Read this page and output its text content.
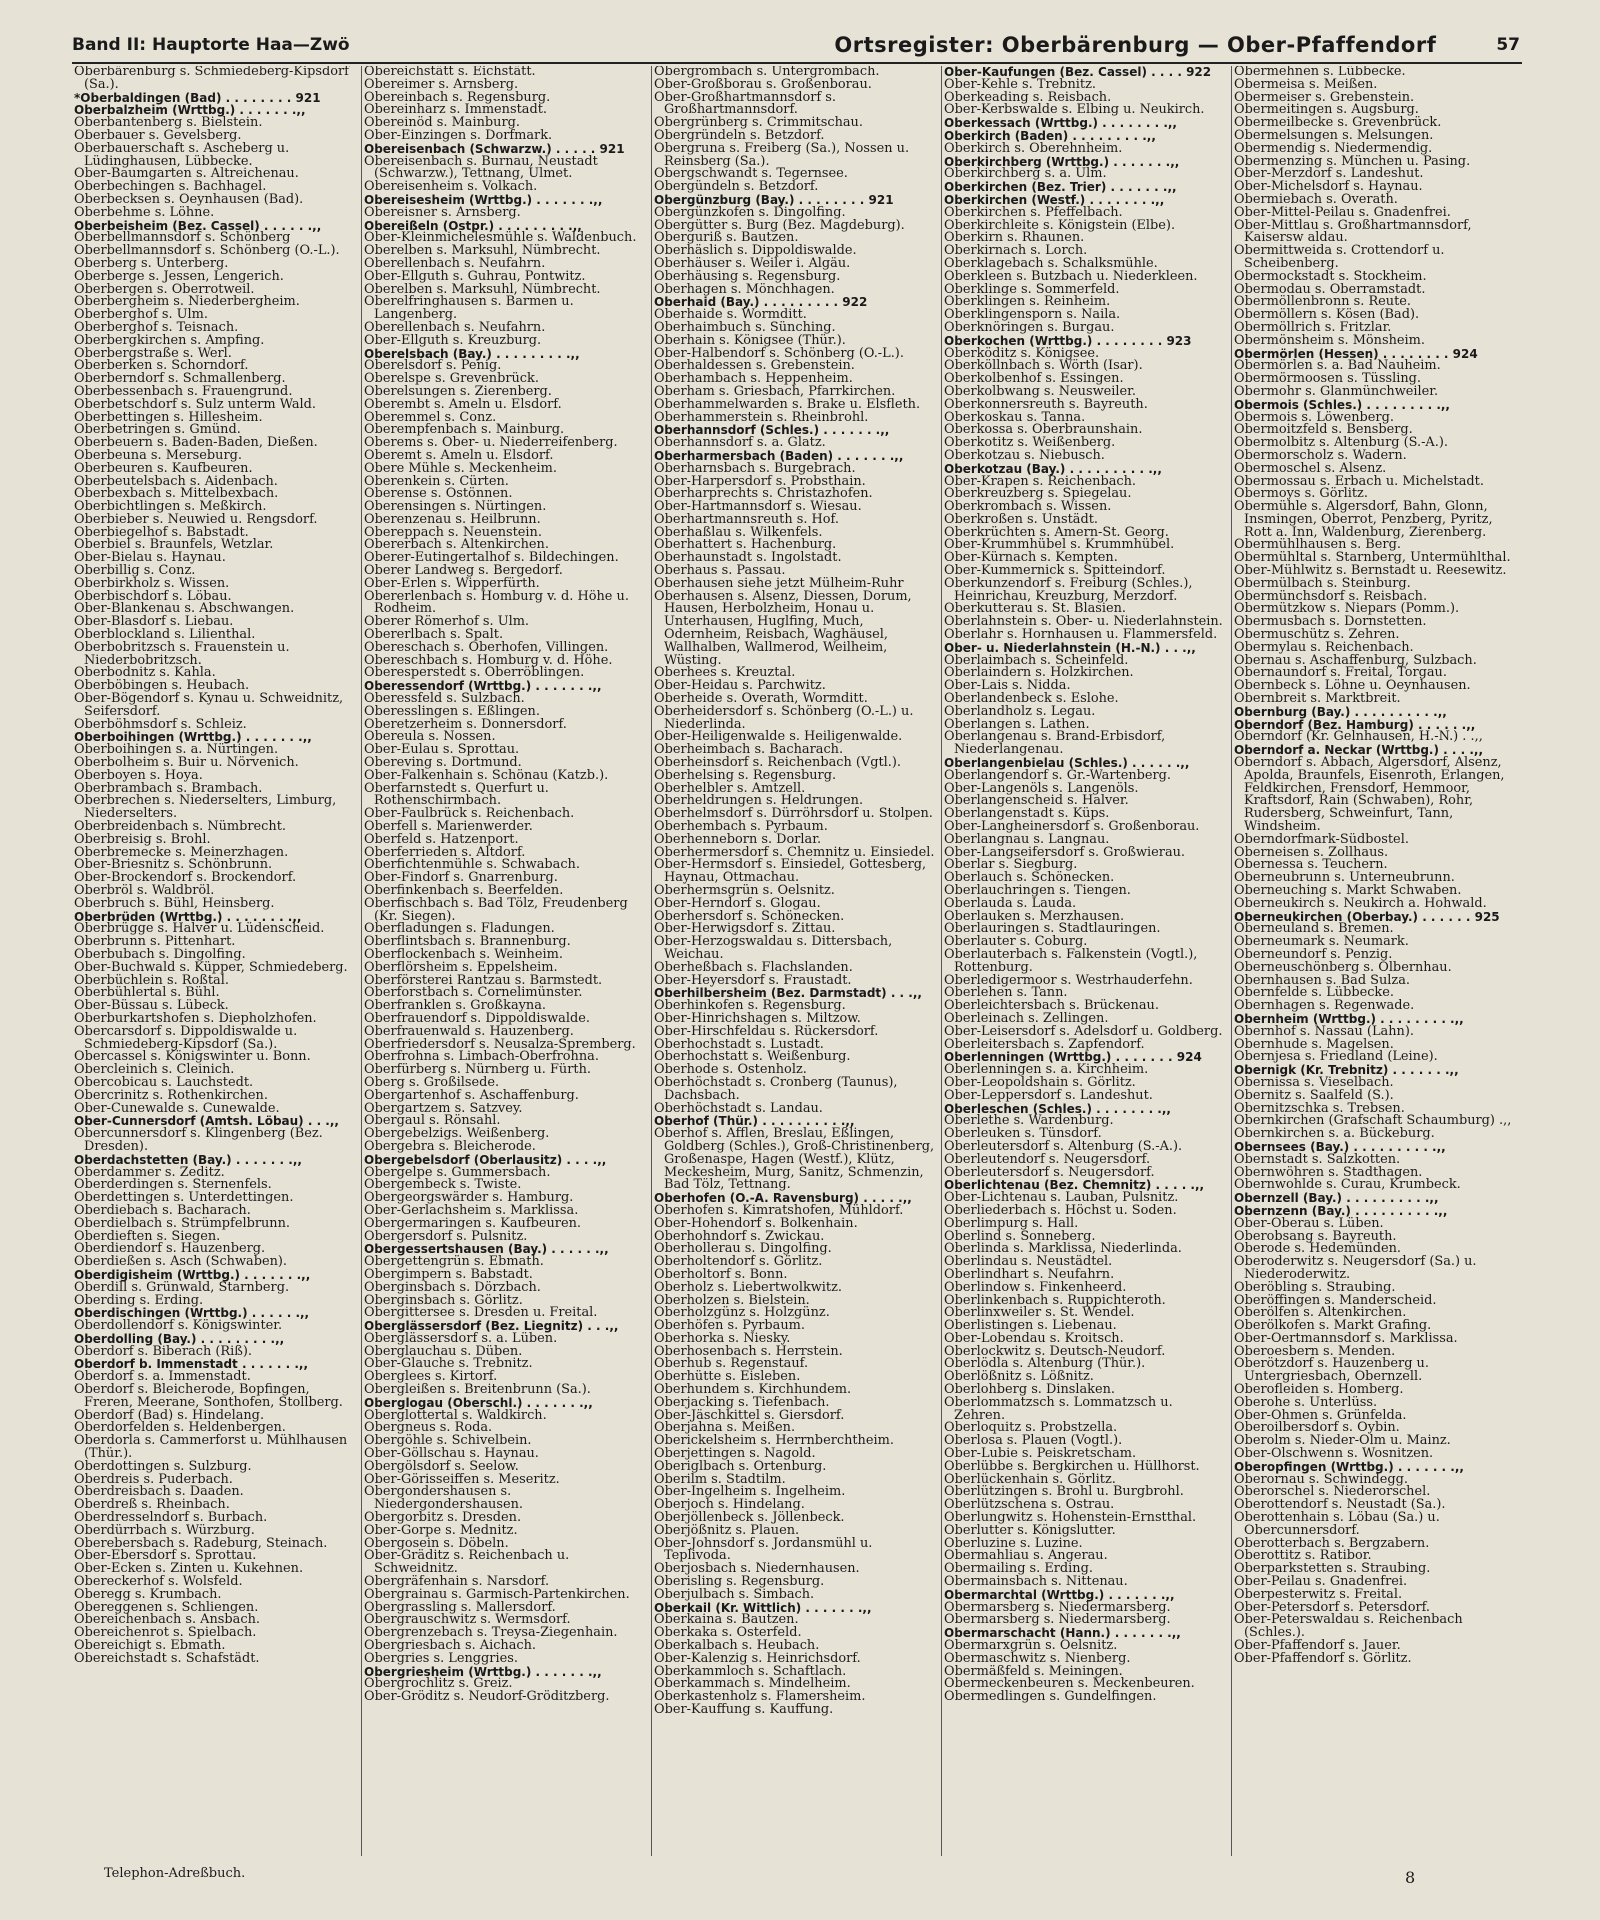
Band II: Hauptorte Haa—Zwö	Ortsregister: Oberbärenburg — Ober-Pfaffendorf	57

Oberbärenburg s. Schmiedeberg-Kipsdorf (Sa.).

*Oberbaldingen (Bad) . . . . . . . . 921

Oberbalzheim (Wrttbg.) . . . . . . .,,

Oberbantenberg s. Bielstein.

Oberbauer s. Gevelsberg.

Oberbauerschaft s. Ascheberg u. Lüdinghausen, Lübbecke.

Ober-Baumgarten s. Altreichenau.

Oberbechingen s. Bachhagel.

Oberbecksen s. Oeynhausen (Bad).

Oberbehme s. Löhne.

Oberbeisheim (Bez. Cassel) . . . . . .,,

Oberbellmannsdorf s. Schönberg

Oberbellmannsdorf s. Schönberg (O.-L.).

Oberberg s. Unterberg.

Oberberge s. Jessen, Lengerich.

Oberbergen s. Oberrotweil.

Oberbergheim s. Niederbergheim.

Oberberghof s. Ulm.

Oberberghof s. Teisnach.

Oberbergkirchen s. Ampfing.

Oberbergstraße s. Werl.

Oberberken s. Schorndorf.

Oberberndorf s. Schmallenberg.

Oberbessenbach s. Frauengrund.

Oberbetschdorf s. Sulz unterm Wald.

Oberbettingen s. Hillesheim.

Oberbetringen s. Gmünd.

Oberbeuern s. Baden-Baden, Dießen.

Oberbeuna s. Merseburg.

Oberbeuren s. Kaufbeuren.

Oberbeutelsbach s. Aidenbach.

Oberbexbach s. Mittelbexbach.

Oberbichtlingen s. Meßkirch.

Oberbieber s. Neuwied u. Rengsdorf.

Oberbiegelhof s. Babstadt.

Oberbiel s. Braunfels, Wetzlar.

Ober-Bielau s. Haynau.

Oberbillig s. Conz.

Oberbirkholz s. Wissen.

Oberbischdorf s. Löbau.

Ober-Blankenau s. Abschwangen.

Ober-Blasdorf s. Liebau.

Oberblockland s. Lilienthal.

Oberbobritzsch s. Frauenstein u. Niederbobritzsch.

Oberbodnitz s. Kahla.

Oberböbingen s. Heubach.

Ober-Bögendorf s. Kynau u. Schweidnitz, Seifersdorf.

Oberböhmsdorf s. Schleiz.

Oberboihingen (Wrttbg.) . . . . . . .,,

Oberboihingen s. a. Nürtingen.

Oberbolheim s. Buir u. Nörvenich.

Oberboyen s. Hoya.

Oberbrambach s. Brambach.

Oberbrechen s. Niederselters, Limburg, Niederselters.

Oberbreidenbach s. Nümbrecht.

Oberbreisig s. Brohl.

Oberbremecke s. Meinerzhagen.

Ober-Briesnitz s. Schönbrunn.

Ober-Brockendorf s. Brockendorf.

Oberbröl s. Waldbröl.

Oberbruch s. Bühl, Heinsberg.

Oberbrüden (Wrttbg.) . . . . . . . .,,

Oberbrügge s. Halver u. Lüdenscheid.

Oberbrunn s. Pittenhart.

Oberbubach s. Dingolfing.

Ober-Buchwald s. Küpper, Schmiedeberg.

Oberbüchlein s. Roßtal.

Oberbühlertal s. Bühl.

Ober-Büssau s. Lübeck.

Oberburkartshofen s. Diepholzhofen.

Obercarsdorf s. Dippoldiswalde u. Schmiedeberg-Kipsdorf (Sa.).

Obercassel s. Königswinter u. Bonn.

Obercleinich s. Cleinich.

Obercobicau s. Lauchstedt.

Obercrinitz s. Rothenkirchen.

Ober-Cunewalde s. Cunewalde.

Ober-Cunnersdorf (Amtsh. Löbau) . . .,,

Obercunnersdorf s. Klingenberg (Bez. Dresden).

Oberdachstetten (Bay.) . . . . . . .,,

Oberdammer s. Zeditz.

Oberderdingen s. Sternenfels.

Oberdettingen s. Unterdettingen.

Oberdiebach s. Bacharach.

Oberdielbach s. Strümpfelbrunn.

Oberdieften s. Siegen.

Oberdiendorf s. Hauzenberg.

Oberdießen s. Asch (Schwaben).

Oberdigisheim (Wrttbg.) . . . . . . .,,

Oberdill s. Grünwald, Starnberg.

Oberding s. Erding.

Oberdischingen (Wrttbg.) . . . . . .,,

Oberdollendorf s. Königswinter.

Oberdolling (Bay.) . . . . . . . . .,,

Oberdorf s. Biberach (Riß).

Oberdorf b. Immenstadt . . . . . . .,,

Oberdorf s. a. Immenstadt.

Oberdorf s. Bleicherode, Bopfingen, Freren, Meerane, Sonthofen, Stollberg.

Oberdorf (Bad) s. Hindelang.

Oberdorfelden s. Heldenbergen.

Oberdorla s. Cammerforst u. Mühlhausen (Thür.).

Oberdottingen s. Sulzburg.

Oberdreis s. Puderbach.

Oberdreisbach s. Daaden.

Oberdreß s. Rheinbach.

Oberdresselndorf s. Burbach.

Oberdürrbach s. Würzburg.

Oberebersbach s. Radeburg, Steinach.

Ober-Ebersdorf s. Sprottau.

Ober-Ecken s. Zinten u. Kukehnen.

Obereckerhof s. Wolsfeld.

Oberegg s. Krumbach.

Obereggenen s. Schliengen.

Obereichenbach s. Ansbach.

Obereichenrot s. Spielbach.

Obereichigt s. Ebmath.

Obereichstadt s. Schafstädt.

Obereichstätt s. Eichstätt.

Obereimer s. Arnsberg.

Obereinbach s. Regensburg.

Obereinharz s. Immenstadt.

Obereinöd s. Mainburg.

Ober-Einzingen s. Dorfmark.

Obereisenbach (Schwarzw.) . . . . . 921

Obereisenbach s. Burnau, Neustadt (Schwarzw.), Tettnang, Ulmet.

Obereisenheim s. Volkach.

Obereisesheim (Wrttbg.) . . . . . . .,,

Obereisner s. Arnsberg.

Obereißeln (Ostpr.) . . . . . . . . .,,

Ober-Kleinmichelesmühle s. Waldenbuch.

Oberelben s. Marksuhl, Nümbrecht.

Oberellenbach s. Neufahrn.

Ober-Ellguth s. Guhrau, Pontwitz.

Oberelben s. Marksuhl, Nümbrecht.

Oberelfringhausen s. Barmen u. Langenberg.

Oberellenbach s. Neufahrn.

Ober-Ellguth s. Kreuzburg.

Oberelsbach (Bay.) . . . . . . . . .,,

Oberelsdorf s. Penig.

Oberelspe s. Grevenbrück.

Oberelsungen s. Zierenberg.

Oberembt s. Ameln u. Elsdorf.

Oberemmel s. Conz.

Oberempfenbach s. Mainburg.

Oberems s. Ober- u. Niederreifenberg.

Oberemt s. Ameln u. Elsdorf.

Obere Mühle s. Meckenheim.

Oberenkein s. Cürten.

Oberense s. Ostönnen.

Oberensingen s. Nürtingen.

Oberenzenau s. Heilbrunn.

Obereppach s. Neuenstein.

Obererbach s. Altenkirchen.

Oberer-Eutingertalhof s. Bildechingen.

Oberer Landweg s. Bergedorf.

Ober-Erlen s. Wipperfürth.

Obererlenbach s. Homburg v. d. Höhe u. Rodheim.

Oberer Römerhof s. Ulm.

Obererlbach s. Spalt.

Obereschach s. Oberhofen, Villingen.

Obereschbach s. Homburg v. d. Höhe.

Oberesperstedt s. Oberröblingen.

Oberessendorf (Wrttbg.) . . . . . . .,,

Oberessfeld s. Sulzbach.

Oberesslingen s. Eßlingen.

Oberetzerheim s. Donnersdorf.

Obereula s. Nossen.

Ober-Eulau s. Sprottau.

Obereving s. Dortmund.

Ober-Falkenhain s. Schönau (Katzb.).

Oberfarnstedt s. Querfurt u. Rothenschirmbach.

Ober-Faulbrück s. Reichenbach.

Oberfell s. Marienwerder.

Oberfeld s. Hatzenport.

Oberferrieden s. Altdorf.

Oberfichtenmühle s. Schwabach.

Ober-Findorf s. Gnarrenburg.

Oberfinkenbach s. Beerfelden.

Oberfischbach s. Bad Tölz, Freudenberg (Kr. Siegen).

Oberfladungen s. Fladungen.

Oberflintsbach s. Brannenburg.

Oberflockenbach s. Weinheim.

Oberflörsheim s. Eppelsheim.

Oberförsterei Rantzau s. Barmstedt.

Oberforstbach s. Cornelimünster.

Oberfranklen s. Großkayna.

Oberfrauendorf s. Dippoldiswalde.

Oberfrauenwald s. Hauzenberg.

Oberfriedersdorf s. Neusalza-Spremberg.

Oberfrohna s. Limbach-Oberfrohna.

Oberfürberg s. Nürnberg u. Fürth.

Oberg s. Großilsede.

Obergartenhof s. Aschaffenburg.

Obergartzem s. Satzvey.

Obergaul s. Rönsahl.

Obergebelzigs. Weißenberg.

Obergebra s. Bleicherode.

Obergebelsdorf (Oberlausitz) . . . .,,

Obergelpe s. Gummersbach.

Obergembeck s. Twiste.

Obergeorgswärder s. Hamburg.

Ober-Gerlachsheim s. Marklissa.

Obergermaringen s. Kaufbeuren.

Obergersdorf s. Pulsnitz.

Obergessertshausen (Bay.) . . . . . .,,

Obergettengrün s. Ebmath.

Obergimpern s. Babstadt.

Oberginsbach s. Dörzbach.

Oberginsbach s. Görlitz.

Obergittersee s. Dresden u. Freital.

Oberglässersdorf (Bez. Liegnitz) . . .,,

Oberglässersdorf s. a. Lüben.

Oberglauchau s. Düben.

Ober-Glauche s. Trebnitz.

Oberglees s. Kirtorf.

Obergleißen s. Breitenbrunn (Sa.).

Oberglogau (Oberschl.) . . . . . . .,,

Oberglottertal s. Waldkirch.

Obergneus s. Roda.

Obergöhle s. Schivelbein.

Ober-Göllschau s. Haynau.

Obergölsdorf s. Seelow.

Ober-Görisseiffen s. Meseritz.

Obergondershausen s. Niedergondershausen.

Obergorbitz s. Dresden.

Ober-Gorpe s. Mednitz.

Obergosein s. Döbeln.

Ober-Gräditz s. Reichenbach u. Schweidnitz.

Obergräfenhain s. Narsdorf.

Obergrainau s. Garmisch-Partenkirchen.

Obergrassling s. Mallersdorf.

Obergrauschwitz s. Wermsdorf.

Obergrenzebach s. Treysa-Ziegenhain.

Obergriesbach s. Aichach.

Obergries s. Lenggries.

Obergriesheim (Wrttbg.) . . . . . . .,,

Obergrochlitz s. Greiz.

Ober-Gröditz s. Neudorf-Gröditzberg.

Obergrombach s. Untergrombach.

Ober-Großborau s. Großenborau.

Ober-Großhartmannsdorf s. Großhartmannsdorf.

Obergrünberg s. Crimmitschau.

Obergründeln s. Betzdorf.

Obergruna s. Freiberg (Sa.), Nossen u. Reinsberg (Sa.).

Obergschwandt s. Tegernsee.

Obergündeln s. Betzdorf.

Obergünzburg (Bay.) . . . . . . . . 921

Obergünzkofen s. Dingolfing.

Obergütter s. Burg (Bez. Magdeburg).

Oberguriß s. Bautzen.

Oberhäslich s. Dippoldiswalde.

Oberhäuser s. Weiler i. Algäu.

Oberhäusing s. Regensburg.

Oberhagen s. Mönchhagen.

Oberhaid (Bay.) . . . . . . . . . 922

Oberhaide s. Wormditt.

Oberhaimbuch s. Sünching.

Oberhain s. Königsee (Thür.).

Ober-Halbendorf s. Schönberg (O.-L.).

Oberhaldessen s. Grebenstein.

Oberhambach s. Heppenheim.

Oberham s. Griesbach, Pfarrkirchen.

Oberhammelwarden s. Brake u. Elsfleth.

Oberhammerstein s. Rheinbrohl.

Oberhannsdorf (Schles.) . . . . . . .,,

Oberhannsdorf s. a. Glatz.

Oberharmersbach (Baden) . . . . . . .,,

Oberharnsbach s. Burgebrach.

Ober-Harpersdorf s. Probsthain.

Oberharprechts s. Christazhofen.

Ober-Hartmannsdorf s. Wiesau.

Oberhartmannsreuth s. Hof.

Oberhaßlau s. Wilkenfels.

Oberhattert s. Hachenburg.

Oberhaunstadt s. Ingolstadt.

Oberhaus s. Passau.

Oberhausen siehe jetzt Mülheim-Ruhr

Oberhausen s. Alsenz, Diessen, Dorum, Hausen, Herbolzheim, Honau u. Unterhausen, Huglfing, Much, Odernheim, Reisbach, Waghäusel, Wallhalben, Wallmerod, Weilheim, Wüsting.

Oberhees s. Kreuztal.

Ober-Heidau s. Parchwitz.

Oberheide s. Overath, Wormditt.

Oberheidersdorf s. Schönberg (O.-L.) u. Niederlinda.

Ober-Heiligenwalde s. Heiligenwalde.

Oberheimbach s. Bacharach.

Oberheinsdorf s. Reichenbach (Vgtl.).

Oberhelsing s. Regensburg.

Oberhelbler s. Amtzell.

Oberheldrungen s. Heldrungen.

Oberhelmsdorf s. Dürröhrsdorf u. Stolpen.

Oberhembach s. Pyrbaum.

Oberhenneborn s. Dorlar.

Oberhermersdorf s. Chemnitz u. Einsiedel.

Ober-Hermsdorf s. Einsiedel, Gottesberg, Haynau, Ottmachau.

Oberhermsgrün s. Oelsnitz.

Ober-Herndorf s. Glogau.

Oberhersdorf s. Schönecken.

Ober-Herwigsdorf s. Zittau.

Ober-Herzogswaldau s. Dittersbach, Weichau.

Oberheßbach s. Flachslanden.

Ober-Heyersdorf s. Fraustadt.

Oberhilbersheim (Bez. Darmstadt) . . .,,

Oberhinkofen s. Regensburg.

Ober-Hinrichshagen s. Miltzow.

Ober-Hirschfeldau s. Rückersdorf.

Oberhochstadt s. Lustadt.

Oberhochstatt s. Weißenburg.

Oberhode s. Ostenholz.

Oberhöchstadt s. Cronberg (Taunus), Dachsbach.

Oberhöchstadt s. Landau.

Oberhof (Thür.) . . . . . . . . . .,,

Oberhof s. Afflen, Breslau, Eßlingen, Goldberg (Schles.), Groß-Christinenberg, Großenaspe, Hagen (Westf.), Klütz, Meckesheim, Murg, Sanitz, Schmenzin, Bad Tölz, Tettnang.

Oberhofen (O.-A. Ravensburg) . . . . .,,

Oberhofen s. Kimratshofen, Mühldorf.

Ober-Hohendorf s. Bolkenhain.

Oberhohndorf s. Zwickau.

Oberhollerau s. Dingolfing.

Oberholtendorf s. Görlitz.

Oberholtorf s. Bonn.

Oberholz s. Liebertwolkwitz.

Oberholzen s. Bielstein.

Oberholzgünz s. Holzgünz.

Oberhöfen s. Pyrbaum.

Oberhorka s. Niesky.

Oberhosenbach s. Herrstein.

Oberhub s. Regenstauf.

Oberhütte s. Eisleben.

Oberhundem s. Kirchhundem.

Oberjacking s. Tiefenbach.

Ober-Jäschkittel s. Giersdorf.

Oberjahna s. Meißen.

Oberickelsheim s. Herrnberchtheim.

Oberjettingen s. Nagold.

Oberiglbach s. Ortenburg.

Oberilm s. Stadtilm.

Ober-Ingelheim s. Ingelheim.

Oberjoch s. Hindelang.

Oberjöllenbeck s. Jöllenbeck.

Oberjößnitz s. Plauen.

Ober-Johnsdorf s. Jordansmühl u. Teplivoda.

Oberjosbach s. Niedernhausen.

Oberisling s. Regensburg.

Oberjulbach s. Simbach.

Oberkail (Kr. Wittlich) . . . . . . .,,

Oberkaina s. Bautzen.

Oberkaka s. Osterfeld.

Oberkalbach s. Heubach.

Ober-Kalenzig s. Heinrichsdorf.

Oberkammloch s. Schaftlach.

Oberkammach s. Mindelheim.

Oberkastenholz s. Flamersheim.

Ober-Kauffung s. Kauffung.

Ober-Kaufungen (Bez. Cassel) . . . . 922

Ober-Kehle s. Trebnitz.

Oberkeading s. Reisbach.

Ober-Kerbswalde s. Elbing u. Neukirch.

Oberkessach (Wrttbg.) . . . . . . . .,,

Oberkirch (Baden) . . . . . . . . .,,

Oberkirch s. Oberehnheim.

Oberkirchberg (Wrttbg.) . . . . . . .,,

Oberkirchberg s. a. Ulm.

Oberkirchen (Bez. Trier) . . . . . . .,,

Oberkirchen (Westf.) . . . . . . . .,,

Oberkirchen s. Pfeffelbach.

Oberkirchleite s. Königstein (Elbe).

Oberkirn s. Rhaunen.

Oberkirnach s. Lorch.

Oberklagebach s. Schalksmühle.

Oberkleen s. Butzbach u. Niederkleen.

Oberklinge s. Sommerfeld.

Oberklingen s. Reinheim.

Oberklingensporn s. Naila.

Oberknöringen s. Burgau.

Oberkochen (Wrttbg.) . . . . . . . . 923

Oberköditz s. Königsee.

Oberköllnbach s. Wörth (Isar).

Oberkolbenhof s. Essingen.

Oberkolbwang s. Neusweiler.

Oberkonnersreuth s. Bayreuth.

Oberkoskau s. Tanna.

Oberkossa s. Oberbraunshain.

Oberkotitz s. Weißenberg.

Oberkotzau s. Niebusch.

Oberkotzau (Bay.) . . . . . . . . . .,,

Ober-Krapen s. Reichenbach.

Oberkreuzberg s. Spiegelau.

Oberkrombach s. Wissen.

Oberkroßen s. Unstädt.

Oberkrüchten s. Amern-St. Georg.

Ober-Krummhübel s. Krummhübel.

Ober-Kürnach s. Kempten.

Ober-Kummernick s. Spitteindorf.

Oberkunzendorf s. Freiburg (Schles.), Heinrichau, Kreuzburg, Merzdorf.

Oberkutterau s. St. Blasien.

Oberlahnstein s. Ober- u. Niederlahnstein.

Oberlahr s. Hornhausen u. Flammersfeld.

Ober- u. Niederlahnstein (H.-N.) . . .,,

Oberlaimbach s. Scheinfeld.

Oberlaindern s. Holzkirchen.

Ober-Lais s. Nidda.

Oberlandenbeck s. Eslohe.

Oberlandholz s. Legau.

Oberlangen s. Lathen.

Oberlangenau s. Brand-Erbisdorf, Niederlangenau.

Oberlangenbielau (Schles.) . . . . . .,,

Oberlangendorf s. Gr.-Wartenberg.

Ober-Langenöls s. Langenöls.

Oberlangenscheid s. Halver.

Oberlangenstadt s. Küps.

Ober-Langheinersdorf s. Großenborau.

Oberlangnau s. Langnau.

Ober-Langseifersdorf s. Großwierau.

Oberlar s. Siegburg.

Oberlauch s. Schönecken.

Oberlauchringen s. Tiengen.

Oberlauda s. Lauda.

Oberlauken s. Merzhausen.

Oberlauringen s. Stadtlauringen.

Oberlauter s. Coburg.

Oberlauterbach s. Falkenstein (Vogtl.), Rottenburg.

Oberledigermoor s. Westrhauderfehn.

Oberlehen s. Tann.

Oberleichtersbach s. Brückenau.

Oberleinach s. Zellingen.

Ober-Leisersdorf s. Adelsdorf u. Goldberg.

Oberleitersbach s. Zapfendorf.

Oberlenningen (Wrttbg.) . . . . . . . 924

Oberlenningen s. a. Kirchheim.

Ober-Leopoldshain s. Görlitz.

Ober-Leppersdorf s. Landeshut.

Oberleschen (Schles.) . . . . . . . .,,

Oberlethe s. Wardenburg.

Oberleuken s. Tünsdorf.

Oberleutersdorf s. Altenburg (S.-A.).

Oberleutendorf s. Neugersdorf.

Oberleutersdorf s. Neugersdorf.

Oberlichtenau (Bez. Chemnitz) . . . . .,,

Ober-Lichtenau s. Lauban, Pulsnitz.

Oberliederbach s. Höchst u. Soden.

Oberlimpurg s. Hall.

Oberlind s. Sonneberg.

Oberlinda s. Marklissa, Niederlinda.

Oberlindau s. Neustädtel.

Oberlindhart s. Neufahrn.

Oberlindow s. Finkenheerd.

Oberlinkenbach s. Ruppichteroth.

Oberlinxweiler s. St. Wendel.

Oberlistingen s. Liebenau.

Ober-Lobendau s. Kroitsch.

Oberlockwitz s. Deutsch-Neudorf.

Oberlödla s. Altenburg (Thür.).

Oberlößnitz s. Lößnitz.

Oberlohberg s. Dinslaken.

Oberlommatzsch s. Lommatzsch u. Zehren.

Oberloquitz s. Probstzella.

Oberlosa s. Plauen (Vogtl.).

Ober-Lubie s. Peiskretscham.

Oberlübbe s. Bergkirchen u. Hüllhorst.

Oberlückenhain s. Görlitz.

Oberlützingen s. Brohl u. Burgbrohl.

Oberlützschena s. Ostrau.

Oberlungwitz s. Hohenstein-Ernstthal.

Oberlutter s. Königslutter.

Oberluzine s. Luzine.

Obermahliau s. Angerau.

Obermailing s. Erding.

Obermainsbach s. Nittenau.

Obermarchtal (Wrttbg.) . . . . . . .,,

Obermarsberg s. Niedermarsberg.

Obermarsberg s. Niedermarsberg.

Obermarschacht (Hann.) . . . . . . .,,

Obermarxgrün s. Oelsnitz.

Obermaschwitz s. Nienberg.

Obermäßfeld s. Meiningen.

Obermeckenbeuren s. Meckenbeuren.

Obermedlingen s. Gundelfingen.

Obermehnen s. Lübbecke.

Obermeisa s. Meißen.

Obermeiser s. Grebenstein.

Obermeitingen s. Augsburg.

Obermeilbecke s. Grevenbrück.

Obermelsungen s. Melsungen.

Obermendig s. Niedermendig.

Obermenzing s. München u. Pasing.

Ober-Merzdorf s. Landeshut.

Ober-Michelsdorf s. Haynau.

Obermiebach s. Overath.

Ober-Mittel-Peilau s. Gnadenfrei.

Ober-Mittlau s. Großhartmannsdorf, Kaisersw aldau.

Obermittweida s. Crottendorf u. Scheibenberg.

Obermockstadt s. Stockheim.

Obermodau s. Oberramstadt.

Obermöllenbronn s. Reute.

Obermöllern s. Kösen (Bad).

Obermöllrich s. Fritzlar.

Obermönsheim s. Mönsheim.

Obermörlen (Hessen) . . . . . . . . 924

Obermörlen s. a. Bad Nauheim.

Obermörmoosen s. Tüssling.

Obermohr s. Glanmünchweiler.

Obermois (Schles.) . . . . . . . . .,,

Obermois s. Löwenberg.

Obermoitzfeld s. Bensberg.

Obermolbitz s. Altenburg (S.-A.).

Obermorscholz s. Wadern.

Obermoschel s. Alsenz.

Obermossau s. Erbach u. Michelstadt.

Obermoys s. Görlitz.

Obermühle s. Algersdorf, Bahn, Glonn, Insmingen, Oberrot, Penzberg, Pyritz, Rott a. Inn, Waldenburg, Zierenberg.

Obermühlhausen s. Berg.

Obermühltal s. Starnberg, Untermühlthal.

Ober-Mühlwitz s. Bernstadt u. Reesewitz.

Obermülbach s. Steinburg.

Obermünchsdorf s. Reisbach.

Obermützkow s. Niepars (Pomm.).

Obermusbach s. Dornstetten.

Obermuschütz s. Zehren.

Obermylau s. Reichenbach.

Obernau s. Aschaffenburg, Sulzbach.

Obernaundorf s. Freital, Torgau.

Obernbeck s. Löhne u. Oeynhausen.

Obernbreit s. Marktbreit.

Obernburg (Bay.) . . . . . . . . . .,,

Oberndorf (Bez. Hamburg) . . . . . .,,

Oberndorf (Kr. Gelnhausen, H.-N.) . .,,

Oberndorf a. Neckar (Wrttbg.) . . . .,,

Oberndorf s. Abbach, Algersdorf, Alsenz, Apolda, Braunfels, Eisenroth, Erlangen, Feldkirchen, Frensdorf, Hemmoor, Kraftsdorf, Rain (Schwaben), Rohr, Rudersberg, Schweinfurt, Tann, Windsheim.

Oberndorfmark-Südbostel.

Oberneisen s. Zollhaus.

Obernessa s. Teuchern.

Oberneubrunn s. Unterneubrunn.

Oberneuching s. Markt Schwaben.

Oberneukirch s. Neukirch a. Hohwald.

Oberneukirchen (Oberbay.) . . . . . . 925

Oberneuland s. Bremen.

Oberneumark s. Neumark.

Oberneundorf s. Penzig.

Oberneuschönberg s. Olbernhau.

Obernhausen s. Bad Sulza.

Obernfelde s. Lübbecke.

Obernhagen s. Regenwade.

Obernheim (Wrttbg.) . . . . . . . . .,,

Obernhof s. Nassau (Lahn).

Obernhude s. Magelsen.

Obernjesa s. Friedland (Leine).

Obernigk (Kr. Trebnitz) . . . . . . .,,

Obernissa s. Vieselbach.

Obernitz s. Saalfeld (S.).

Obernitzschka s. Trebsen.

Obernkirchen (Grafschaft Schaumburg) .,,

Obernkirchen s. a. Bückeburg.

Obernsees (Bay.) . . . . . . . . . .,,

Obernstadt s. Salzkotten.

Obernwöhren s. Stadthagen.

Obernwohlde s. Curau, Krumbeck.

Obernzell (Bay.) . . . . . . . . . .,,

Obernzenn (Bay.) . . . . . . . . . .,,

Ober-Oberau s. Lüben.

Oberobsang s. Bayreuth.

Oberode s. Hedemünden.

Oberoderwitz s. Neugersdorf (Sa.) u. Niederoderwitz.

Oberöbling s. Straubing.

Oberöffingen s. Manderscheid.

Oberölfen s. Altenkirchen.

Oberölkofen s. Markt Grafing.

Ober-Oertmannsdorf s. Marklissa.

Oberoesbern s. Menden.

Oberötzdorf s. Hauzenberg u. Untergriesbach, Obernzell.

Oberofleiden s. Homberg.

Oberohe s. Unterlüss.

Ober-Ohmen s. Grünfelda.

Oberoilbersdorf s. Oybin.

Oberolm s. Nieder-Olm u. Mainz.

Ober-Olschwenn s. Wosnitzen.

Oberopfingen (Wrttbg.) . . . . . . .,,

Oberornau s. Schwindegg.

Oberorschel s. Niederorschel.

Oberottendorf s. Neustadt (Sa.).

Oberottenhain s. Löbau (Sa.) u. Obercunnersdorf.

Oberotterbach s. Bergzabern.

Oberottitz s. Ratibor.

Oberparkstetten s. Straubing.

Ober-Peilau s. Gnadenfrei.

Oberpesterwitz s. Freital.

Ober-Petersdorf s. Petersdorf.

Ober-Peterswaldau s. Reichenbach (Schles.).

Ober-Pfaffendorf s. Jauer.

Ober-Pfaffendorf s. Görlitz.

Telephon-Adreßbuch.	8
